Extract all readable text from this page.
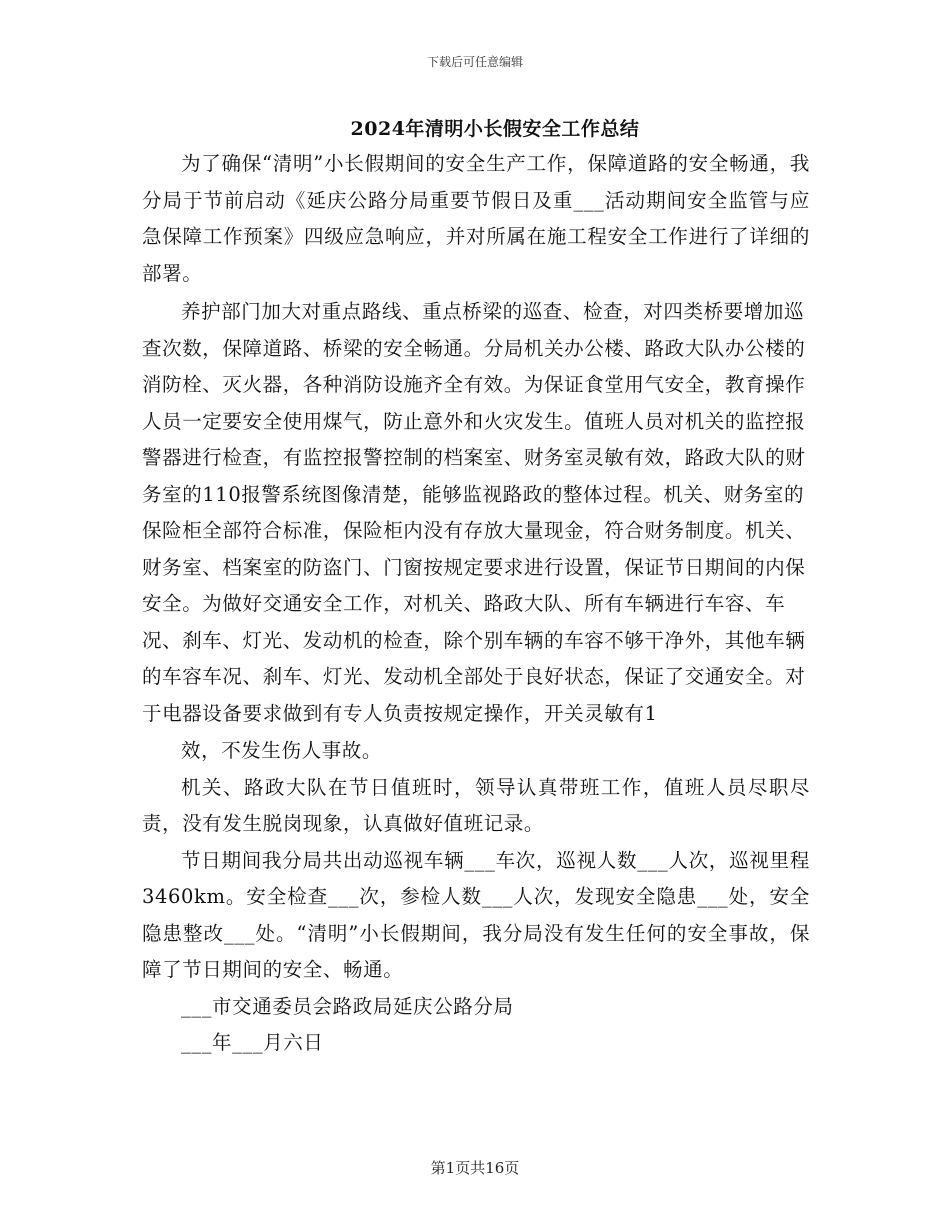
下载后可任意编辑
2024年清明小长假安全工作总结

为了确保“清明”小长假期间的安全生产工作，保障道路的安全畅通，我分局于节前启动《延庆公路分局重要节假日及重___活动期间安全监管与应急保障工作预案》四级应急响应，并对所属在施工程安全工作进行了详细的部署。

养护部门加大对重点路线、重点桥梁的巡查、检查，对四类桥要增加巡查次数，保障道路、桥梁的安全畅通。分局机关办公楼、路政大队办公楼的消防栓、灭火器，各种消防设施齐全有效。为保证食堂用气安全，教育操作人员一定要安全使用煤气，防止意外和火灾发生。值班人员对机关的监控报警器进行检查，有监控报警控制的档案室、财务室灵敏有效，路政大队的财务室的110报警系统图像清楚，能够监视路政的整体过程。机关、财务室的保险柜全部符合标准，保险柜内没有存放大量现金，符合财务制度。机关、财务室、档案室的防盗门、门窗按规定要求进行设置，保证节日期间的内保安全。为做好交通安全工作，对机关、路政大队、所有车辆进行车容、车况、刹车、灯光、发动机的检查，除个别车辆的车容不够干净外，其他车辆的车容车况、刹车、灯光、发动机全部处于良好状态，保证了交通安全。对于电器设备要求做到有专人负责按规定操作，开关灵敏有1

效，不发生伤人事故。

机关、路政大队在节日值班时，领导认真带班工作，值班人员尽职尽责，没有发生脱岗现象，认真做好值班记录。

节日期间我分局共出动巡视车辆___车次，巡视人数___人次，巡视里程3460km。安全检查___次，参检人数___人次，发现安全隐患___处，安全隐患整改___处。“清明”小长假期间，我分局没有发生任何的安全事故，保障了节日期间的安全、畅通。

___市交通委员会路政局延庆公路分局

___年___月六日

第1页共16页
